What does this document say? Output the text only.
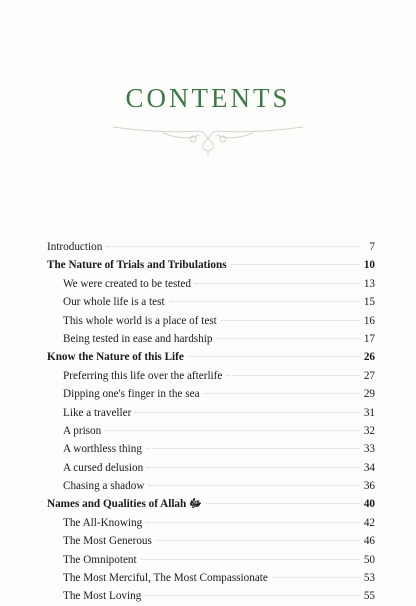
CONTENTS
Introduction	7
The Nature of Trials and Tribulations	10
We were created to be tested	13
Our whole life is a test	15
This whole world is a place of test	16
Being tested in ease and hardship	17
Know the Nature of this Life	26
Preferring this life over the afterlife	27
Dipping one's finger in the sea	29
Like a traveller	31
A prison	32
A worthless thing	33
A cursed delusion	34
Chasing a shadow	36
Names and Qualities of Allah ﷻ	40
The All-Knowing	42
The Most Generous	46
The Omnipotent	50
The Most Merciful, The Most Compassionate	53
The Most Loving	55
